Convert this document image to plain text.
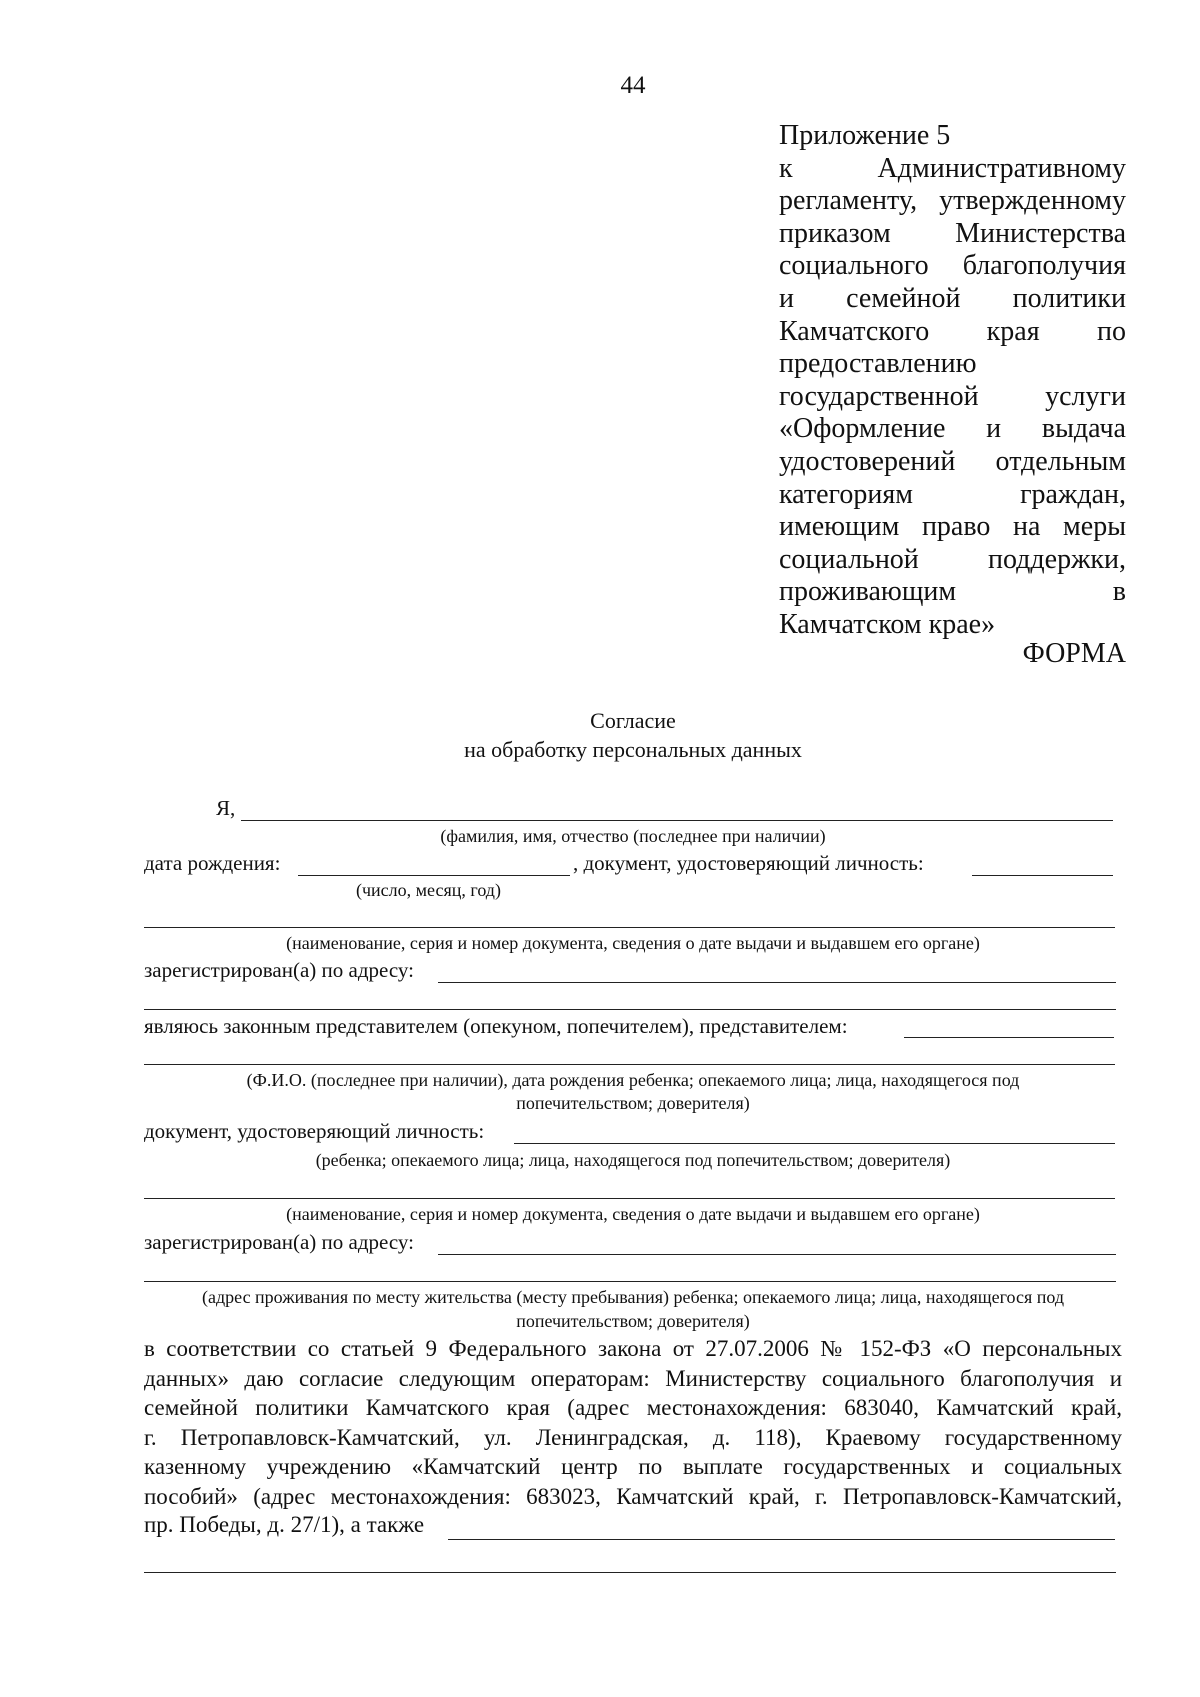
44
Приложение 5
к Административному
регламенту, утвержденному
приказом Министерства
социального благополучия
и семейной политики
Камчатского края по
предоставлению
государственной услуги
«Оформление и выдача
удостоверений отдельным
категориям граждан,
имеющим право на меры
социальной поддержки,
проживающим в
Камчатском крае»
ФОРМА
Согласие
на обработку персональных данных
Я,
(фамилия, имя, отчество (последнее при наличии)
дата рождения:	, документ, удостоверяющий личность:
(число, месяц, год)
(наименование, серия и номер документа, сведения о дате выдачи и выдавшем его органе)
зарегистрирован(а) по адресу:
являюсь законным представителем (опекуном, попечителем), представителем:
(Ф.И.О. (последнее при наличии), дата рождения ребенка; опекаемого лица; лица, находящегося под
попечительством; доверителя)
документ, удостоверяющий личность:
(ребенка; опекаемого лица; лица, находящегося под попечительством; доверителя)
(наименование, серия и номер документа, сведения о дате выдачи и выдавшем его органе)
зарегистрирован(а) по адресу:
(адрес проживания по месту жительства (месту пребывания) ребенка; опекаемого лица; лица, находящегося под
попечительством; доверителя)
в соответствии со статьей 9 Федерального закона от 27.07.2006 № 152-ФЗ «О персональных
данных» даю согласие следующим операторам: Министерству социального благополучия и
семейной политики Камчатского края (адрес местонахождения: 683040, Камчатский край,
г. Петропавловск-Камчатский, ул. Ленинградская, д. 118), Краевому государственному
казенному учреждению «Камчатский центр по выплате государственных и социальных
пособий» (адрес местонахождения: 683023, Камчатский край, г. Петропавловск-Камчатский,
пр. Победы, д. 27/1), а также
